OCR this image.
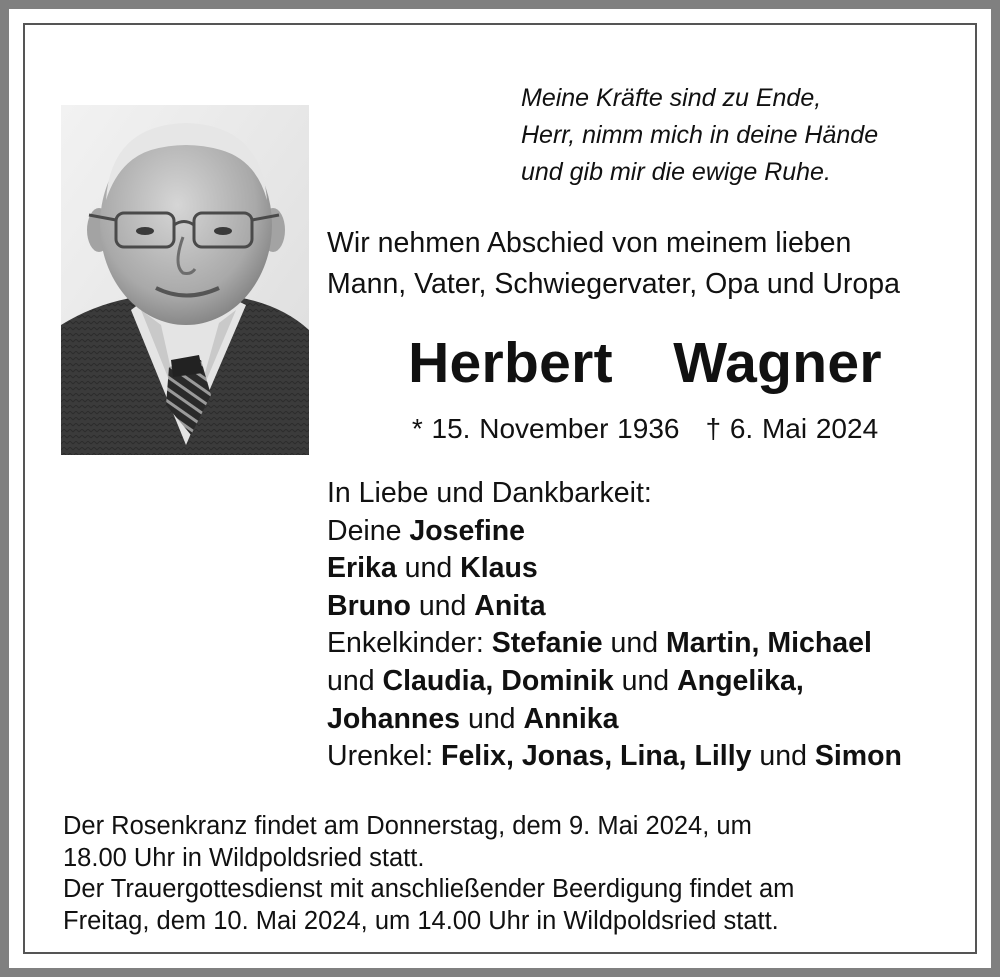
Meine Kräfte sind zu Ende,
Herr, nimm mich in deine Hände
und gib mir die ewige Ruhe.
Wir nehmen Abschied von meinem lieben
Mann, Vater, Schwiegervater, Opa und Uropa
Herbert  Wagner
* 15. November 1936 † 6. Mai 2024
In Liebe und Dankbarkeit:
Deine Josefine
Erika und Klaus
Bruno und Anita
Enkelkinder: Stefanie und Martin, Michael
und Claudia, Dominik und Angelika,
Johannes und Annika
Urenkel: Felix, Jonas, Lina, Lilly und Simon
Der Rosenkranz findet am Donnerstag, dem 9. Mai 2024, um
18.00 Uhr in Wildpoldsried statt.
Der Trauergottesdienst mit anschließender Beerdigung findet am
Freitag, dem 10. Mai 2024, um 14.00 Uhr in Wildpoldsried statt.
